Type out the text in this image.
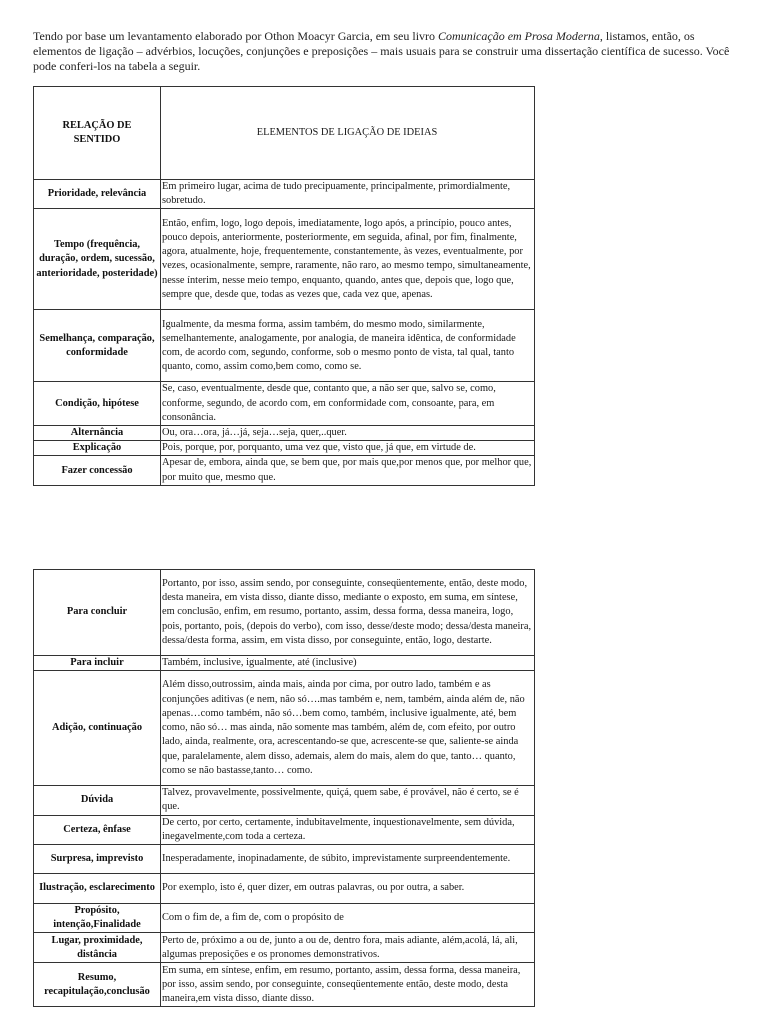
Tendo por base um levantamento elaborado por Othon Moacyr Garcia, em seu livro Comunicação em Prosa Moderna, listamos, então, os elementos de ligação – advérbios, locuções, conjunções e preposições – mais usuais para se construir uma dissertação científica de sucesso. Você pode conferi-los na tabela a seguir.

RELAÇÃO DE SENTIDO	ELEMENTOS DE LIGAÇÃO DE IDEIAS
Prioridade, relevância	Em primeiro lugar, acima de tudo precipuamente, principalmente, primordialmente, sobretudo.
Tempo (frequência, duração, ordem, sucessão, anterioridade, posteridade)	Então, enfim, logo, logo depois, imediatamente, logo após, a princípio, pouco antes, pouco depois, anteriormente, posteriormente, em seguida, afinal, por fim, finalmente, agora, atualmente, hoje, frequentemente, constantemente, às vezes, eventualmente, por vezes, ocasionalmente, sempre, raramente, não raro, ao mesmo tempo, simultaneamente, nesse ínterim, nesse meio tempo, enquanto, quando, antes que, depois que, logo que, sempre que, desde que, todas as vezes que, cada vez que, apenas.
Semelhança, comparação, conformidade	Igualmente, da mesma forma, assim também, do mesmo modo, similarmente, semelhantemente, analogamente, por analogia, de maneira idêntica, de conformidade com, de acordo com, segundo, conforme, sob o mesmo ponto de vista, tal qual, tanto quanto, como, assim como,bem como, como se.
Condição, hipótese	Se, caso, eventualmente, desde que, contanto que, a não ser que, salvo se, como, conforme, segundo, de acordo com, em conformidade com, consoante, para, em consonância.
Alternância	Ou, ora…ora, já…já, seja…seja, quer,..quer.
Explicação	Pois, porque, por, porquanto, uma vez que, visto que, já que, em virtude de.
Fazer concessão	Apesar de, embora, ainda que, se bem que, por mais que,por menos que, por melhor que, por muito que, mesmo que.
Para concluir	Portanto, por isso, assim sendo, por conseguinte, conseqüentemente, então, deste modo, desta maneira, em vista disso, diante disso, mediante o exposto, em suma, em síntese, em conclusão, enfim, em resumo, portanto, assim, dessa forma, dessa maneira, logo, pois, portanto, pois, (depois do verbo), com isso, desse/deste modo; dessa/desta maneira, dessa/desta forma, assim, em vista disso, por conseguinte, então, logo, destarte.
Para incluir	Também, inclusive, igualmente, até (inclusive)
Adição, continuação	Além disso,outrossim, ainda mais, ainda por cima, por outro lado, também e as conjunções aditivas (e nem, não só….mas também e, nem, também, ainda além de, não apenas…como também, não só…bem como, também, inclusive igualmente, até, bem como, não só… mas ainda, não somente mas também, além de, com efeito, por outro lado, ainda, realmente, ora, acrescentando-se que, acrescente-se que, saliente-se ainda que, paralelamente, alem disso, ademais, alem do mais, alem do que, tanto… quanto, como se não bastasse,tanto… como.
Dúvida	Talvez, provavelmente, possivelmente, quiçá, quem sabe, é provável, não é certo, se é que.
Certeza, ênfase	De certo, por certo, certamente, indubitavelmente, inquestionavelmente, sem dúvida, inegavelmente,com toda a certeza.
Surpresa, imprevisto	Inesperadamente, inopinadamente, de súbito, imprevistamente surpreendentemente.
Ilustração, esclarecimento	Por exemplo, isto é, quer dizer, em outras palavras, ou por outra, a saber.
Propósito, intenção,Finalidade	Com o fim de, a fim de, com o propósito de
Lugar, proximidade, distância	Perto de, próximo a ou de, junto a ou de, dentro fora, mais adiante, além,acolá, lá, ali, algumas preposições e os pronomes demonstrativos.
Resumo, recapitulação,conclusão	Em suma, em síntese, enfim, em resumo, portanto, assim, dessa forma, dessa maneira, por isso, assim sendo, por conseguinte, conseqüentemente então, deste modo, desta maneira,em vista disso, diante disso.
